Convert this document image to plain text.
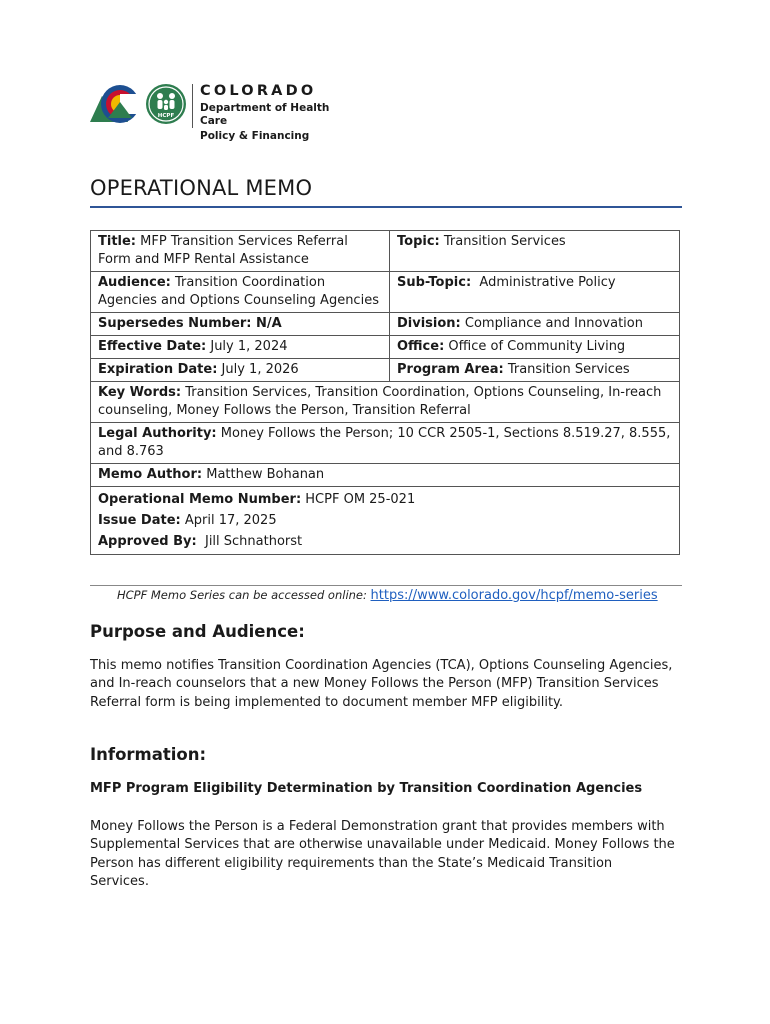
HCPF
COLORADO
Department of Health Care
Policy & Financing
OPERATIONAL MEMO
Title: MFP Transition Services Referral Form and MFP Rental Assistance	Topic: Transition Services
Audience: Transition Coordination Agencies and Options Counseling Agencies	Sub-Topic: Administrative Policy
Supersedes Number: N/A	Division: Compliance and Innovation
Effective Date: July 1, 2024	Office: Office of Community Living
Expiration Date: July 1, 2026	Program Area: Transition Services
Key Words: Transition Services, Transition Coordination, Options Counseling, In-reach counseling, Money Follows the Person, Transition Referral	
Legal Authority: Money Follows the Person; 10 CCR 2505-1, Sections 8.519.27, 8.555, and 8.763	
Memo Author: Matthew Bohanan	

Operational Memo Number: HCPF OM 25-021
Issue Date: April 17, 2025
Approved By: Jill Schnathorst	
HCPF Memo Series can be accessed online: https://www.colorado.gov/hcpf/memo-series
Purpose and Audience:
This memo notifies Transition Coordination Agencies (TCA), Options Counseling Agencies, and In-reach counselors that a new Money Follows the Person (MFP) Transition Services Referral form is being implemented to document member MFP eligibility.
Information:
MFP Program Eligibility Determination by Transition Coordination Agencies
Money Follows the Person is a Federal Demonstration grant that provides members with Supplemental Services that are otherwise unavailable under Medicaid. Money Follows the Person has different eligibility requirements than the State’s Medicaid Transition Services.
